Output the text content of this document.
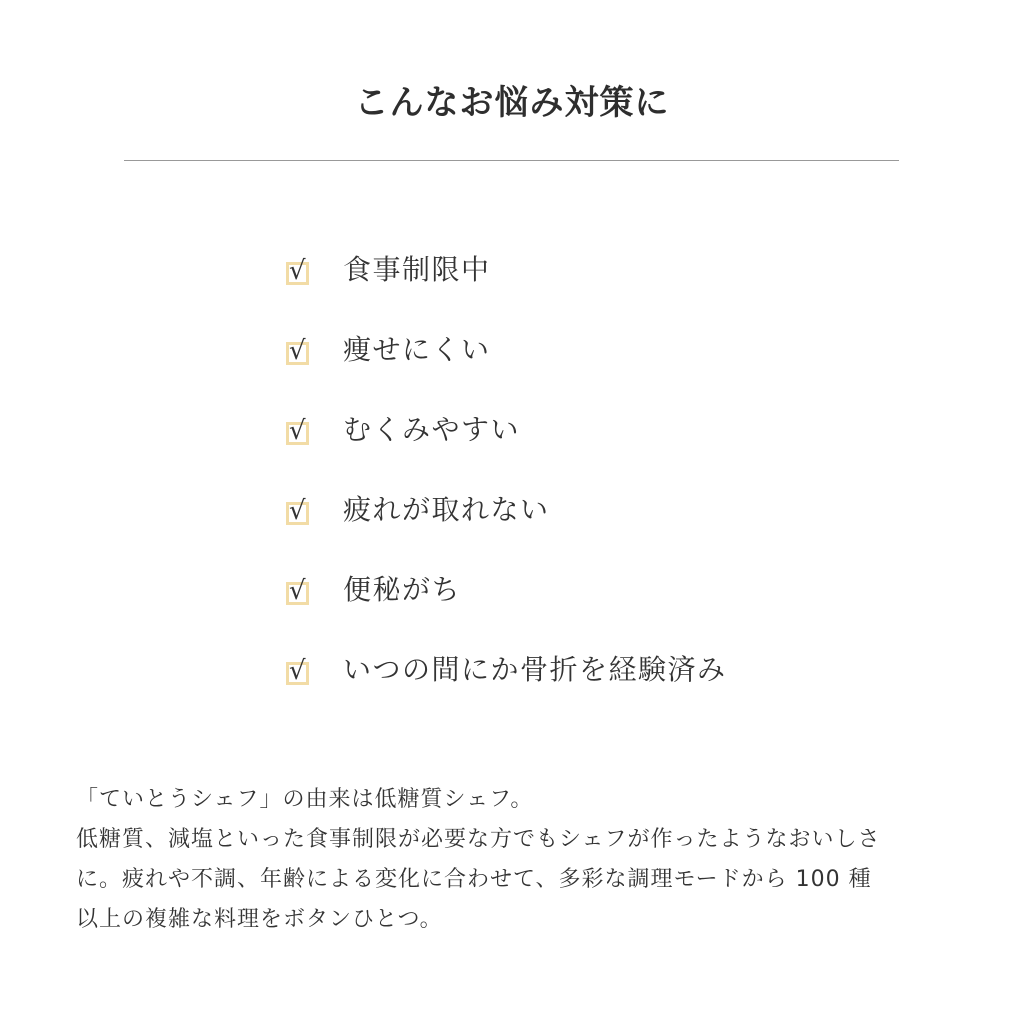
こんなお悩み対策に
√ 食事制限中
√ 痩せにくい
√ むくみやすい
√ 疲れが取れない
√ 便秘がち
√ いつの間にか骨折を経験済み

「ていとうシェフ」の由来は低糖質シェフ。

低糖質、減塩といった食事制限が必要な方でもシェフが作ったようなおいしさ

に。疲れや不調、年齢による変化に合わせて、多彩な調理モードから 100 種

以上の複雑な料理をボタンひとつ。
